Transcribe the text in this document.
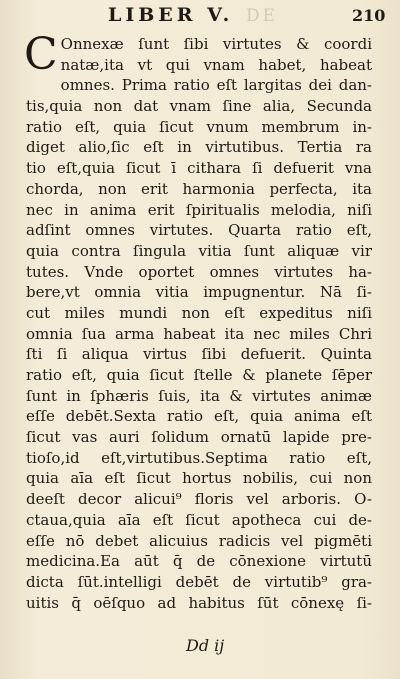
LIBER V. DE	210
C Onnexæ ſunt ſibi virtutes & coordi
natæ,ita vt qui vnam habet, habeat
omnes. Prima ratio eſt largitas dei dan-
tis,quia non dat vnam ſine alia, Secunda
ratio eſt, quia ſicut vnum membrum in-
diget alio,ſic eſt in virtutibus. Tertia ra
tio eſt,quia ſicut ī cithara ſi defuerit vna
chorda, non erit harmonia perfecta, ita
nec in anima erit ſpiritualis melodia, niſi
adſint omnes virtutes. Quarta ratio eſt,
quia contra ſingula vitia ſunt aliquæ vir
tutes. Vnde oportet omnes virtutes ha-
bere,vt omnia vitia impugnentur. Nā ſi-
cut miles mundi non eſt expeditus niſi
omnia ſua arma habeat ita nec miles Chri
ſti ſi aliqua virtus ſibi defuerit. Quinta
ratio eſt, quia ſicut ſtelle & planete ſēper
ſunt in ſphæris ſuis, ita & virtutes animæ
eſſe debēt.Sexta ratio eſt, quia anima eſt
ſicut vas auri ſolidum ornatū lapide pre-
tioſo,id eſt,virtutibus.Septima ratio eſt,
quia aīa eſt ſicut hortus nobilis, cui non
deeſt decor alicui⁹ floris vel arboris. O-
ctaua,quia aīa eſt ſicut apotheca cui de-
eſſe nō debet alicuius radicis vel pigmēti
medicina.Ea aūt q̄ de cōnexione virtutū
dicta ſūt.intelligi debēt de virtutib⁹ gra-
uitis q̄ oēſquo ad habitus ſūt cōnexę ſi-
Dd ij
